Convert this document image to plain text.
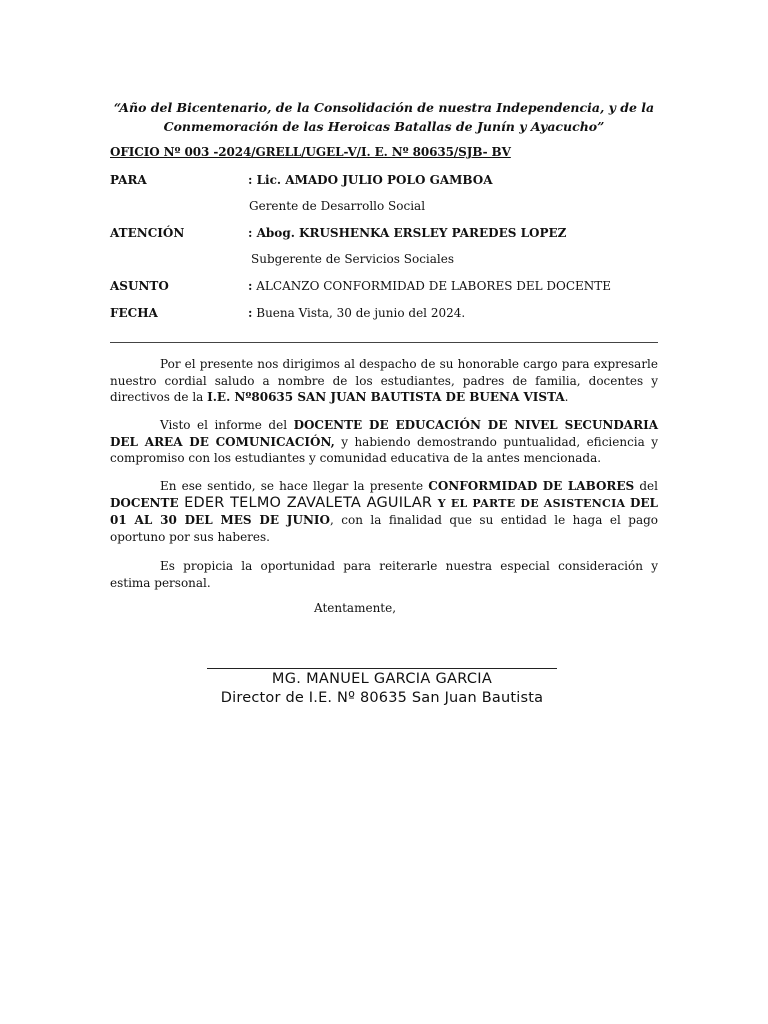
“Año del Bicentenario, de la Consolidación de nuestra Independencia, y de la Conmemoración de las Heroicas Batallas de Junín y Ayacucho”
OFICIO Nº 003 -2024/GRELL/UGEL-V/I. E. Nº 80635/SJB- BV
PARA	: Lic. AMADO JULIO POLO GAMBOA
Gerente de Desarrollo Social
ATENCIÓN	: Abog. KRUSHENKA ERSLEY PAREDES LOPEZ
Subgerente de Servicios Sociales
ASUNTO	: ALCANZO CONFORMIDAD DE LABORES DEL DOCENTE
FECHA	: Buena Vista, 30 de junio del 2024.
Por el presente nos dirigimos al despacho de su honorable cargo para expresarle nuestro cordial saludo a nombre de los estudiantes, padres de familia, docentes y directivos de la I.E. Nº80635 SAN JUAN BAUTISTA DE BUENA VISTA.
Visto el informe del DOCENTE DE EDUCACIÓN DE NIVEL SECUNDARIA DEL AREA DE COMUNICACIÓN, y habiendo demostrando puntualidad, eficiencia y compromiso con los estudiantes y comunidad educativa de la antes mencionada.
En ese sentido, se hace llegar la presente CONFORMIDAD DE LABORES del DOCENTE EDER TELMO ZAVALETA AGUILAR Y EL PARTE DE ASISTENCIA DEL 01 AL 30 DEL MES DE JUNIO, con la finalidad que su entidad le haga el pago oportuno por sus haberes.
Es propicia la oportunidad para reiterarle nuestra especial consideración y estima personal.
Atentamente,
MG. MANUEL GARCIA GARCIA
Director de I.E. Nº 80635 San Juan Bautista
